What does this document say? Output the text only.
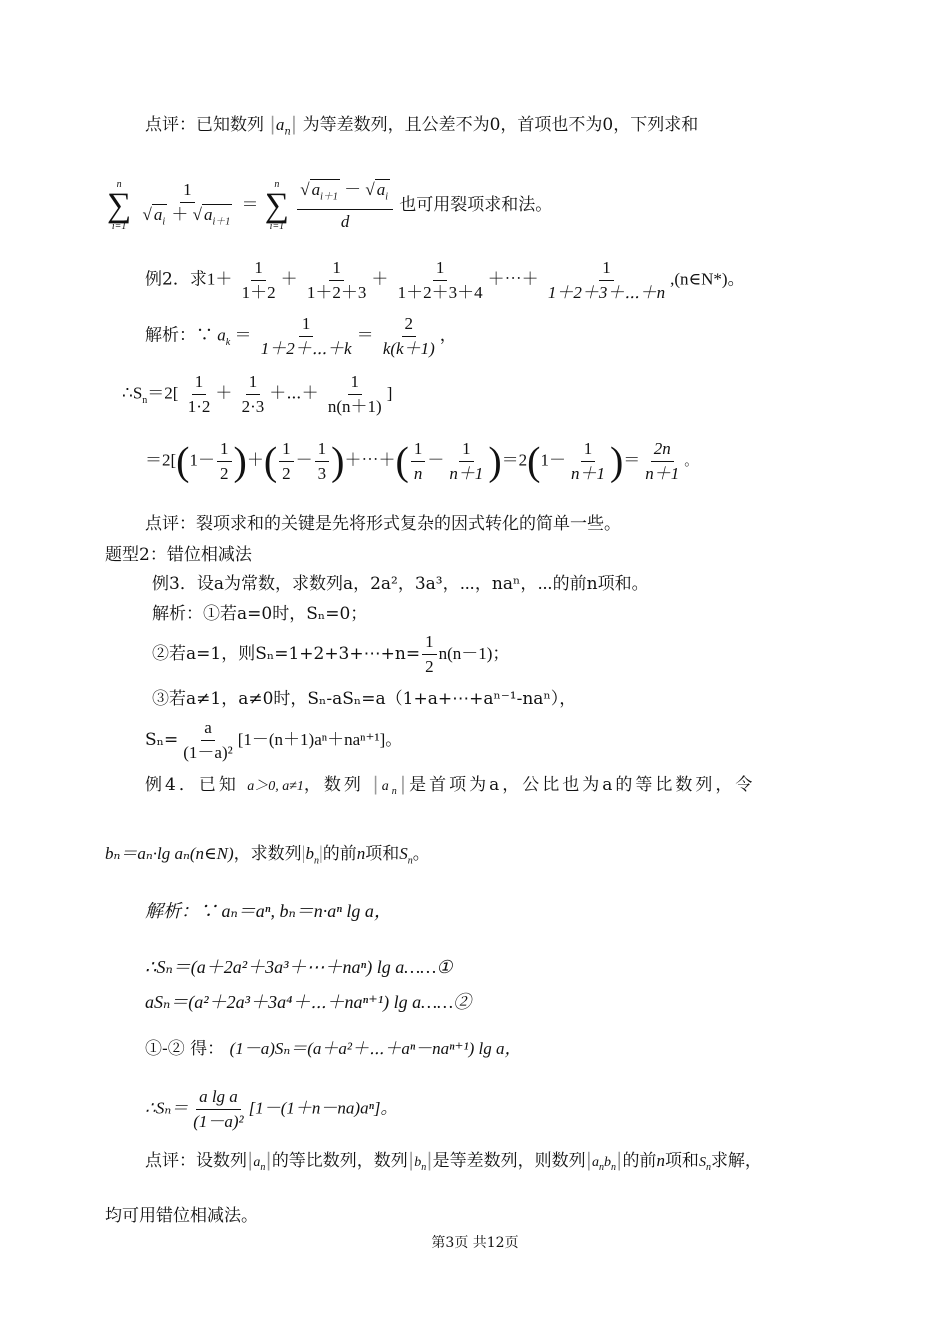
点评：已知数列 $|a_n|$ 为等差数列，且公差不为0，首项也不为0，下列求和
n
∑
i=1
$\frac{1}{√ a_i + √ a_{i+1}}$ ＝
n
∑
i=1
$\frac{√ a_{i+1} - √ a_i}{d}$ 也可用裂项求和法。
例2．求$1+ \frac{1}{1+2} + \frac{1}{1+2+3} + \frac{1}{1+2+3+4}$ ＋⋯＋ $\frac{1}{1+2+3+\cdots+n}$ ,(n∈N*)。
解析：∵ $a_k = \frac{1}{1+2+\cdots+k} = \frac{2}{k(k+1)}$ ，
$\therefore S_n=2[ \frac{1}{1\cdot 2} + \frac{1}{2\cdot 3}$ ＋⋯＋ $\frac{1}{n(n+1)}$ ]
$=2[(1- \frac{1}{2}$ )＋( $\frac{1}{2} - \frac{1}{3}$ )＋⋯＋( $\frac{1}{n} - \frac{1}{n+1} )=2(1- \frac{1}{n+1}$ )＝ $\frac{2n}{n+1}$ 。
点评：裂项求和的关键是先将形式复杂的因式转化的简单一些。
题型2：错位相减法
例3．设a为常数，求数列a，2a²，3a³，⋯，naⁿ，⋯的前n项和。
解析：①若a=0时，Sₙ=0；
②若a=1，则Sₙ=1+2+3+⋯+n= $\frac{1}{2} n(n-1)$；
③若a≠1，a≠0时，Sₙ-aSₙ=a（1+a+⋯+aⁿ⁻¹-naⁿ），
$S_n= \frac{a}{\text{(1－a)²}} [1-(n+1)a^n+na^{n+1}]$。
例4．已知 a＞0, a≠1，数列 $|a_n|$是首项为a，公比也为a的等比数列，令
bₙ＝aₙ·lg aₙ(n∈N)，求数列$|b_n|$的前n项和$S_n$。
解析：∵ aₙ＝aⁿ, bₙ＝n·aⁿ lg a，
∴Sₙ＝(a＋2a²＋3a³＋⋯＋naⁿ) lg a……①
aSₙ＝(a²＋2a³＋3a⁴＋⋯＋naⁿ⁺¹) lg a……②
①-② 得： (1－a)Sₙ＝(a＋a²＋⋯＋aⁿ－naⁿ⁺¹) lg a，
∴Sₙ＝ $\frac{\text{a lg a}}{\text{(1－a)²}} [1-(1+n-na)a^n]$。
点评：设数列$|a_n|$的等比数列，数列$|b_n|$是等差数列，则数列$|a_nb_n|$的前n项和$S_n$求解，
均可用错位相减法。
第3页 共12页
